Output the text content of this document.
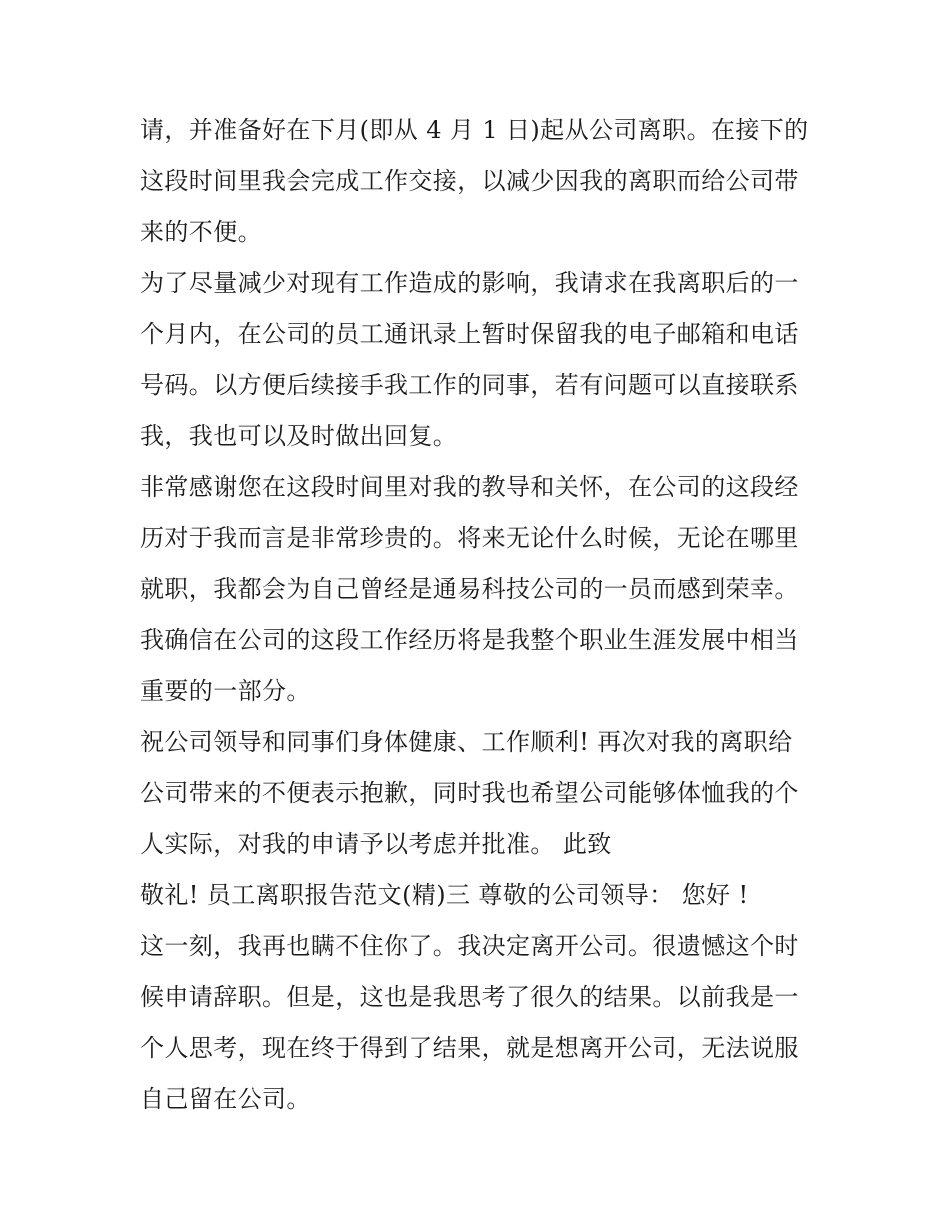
请，并准备好在下月(即从 4 月 1 日)起从公司离职。在接下的

这段时间里我会完成工作交接，以减少因我的离职而给公司带

来的不便。

为了尽量减少对现有工作造成的影响，我请求在我离职后的一

个月内，在公司的员工通讯录上暂时保留我的电子邮箱和电话

号码。以方便后续接手我工作的同事，若有问题可以直接联系

我，我也可以及时做出回复。

非常感谢您在这段时间里对我的教导和关怀，在公司的这段经

历对于我而言是非常珍贵的。将来无论什么时候，无论在哪里

就职，我都会为自己曾经是通易科技公司的一员而感到荣幸。

我确信在公司的这段工作经历将是我整个职业生涯发展中相当

重要的一部分。

祝公司领导和同事们身体健康、工作顺利! 再次对我的离职给

公司带来的不便表示抱歉，同时我也希望公司能够体恤我的个

人实际，对我的申请予以考虑并批准。 此致

敬礼! 员工离职报告范文(精)三 尊敬的公司领导： 您好 !

这一刻，我再也瞒不住你了。我决定离开公司。很遗憾这个时

候申请辞职。但是，这也是我思考了很久的结果。以前我是一

个人思考，现在终于得到了结果，就是想离开公司，无法说服

自己留在公司。
